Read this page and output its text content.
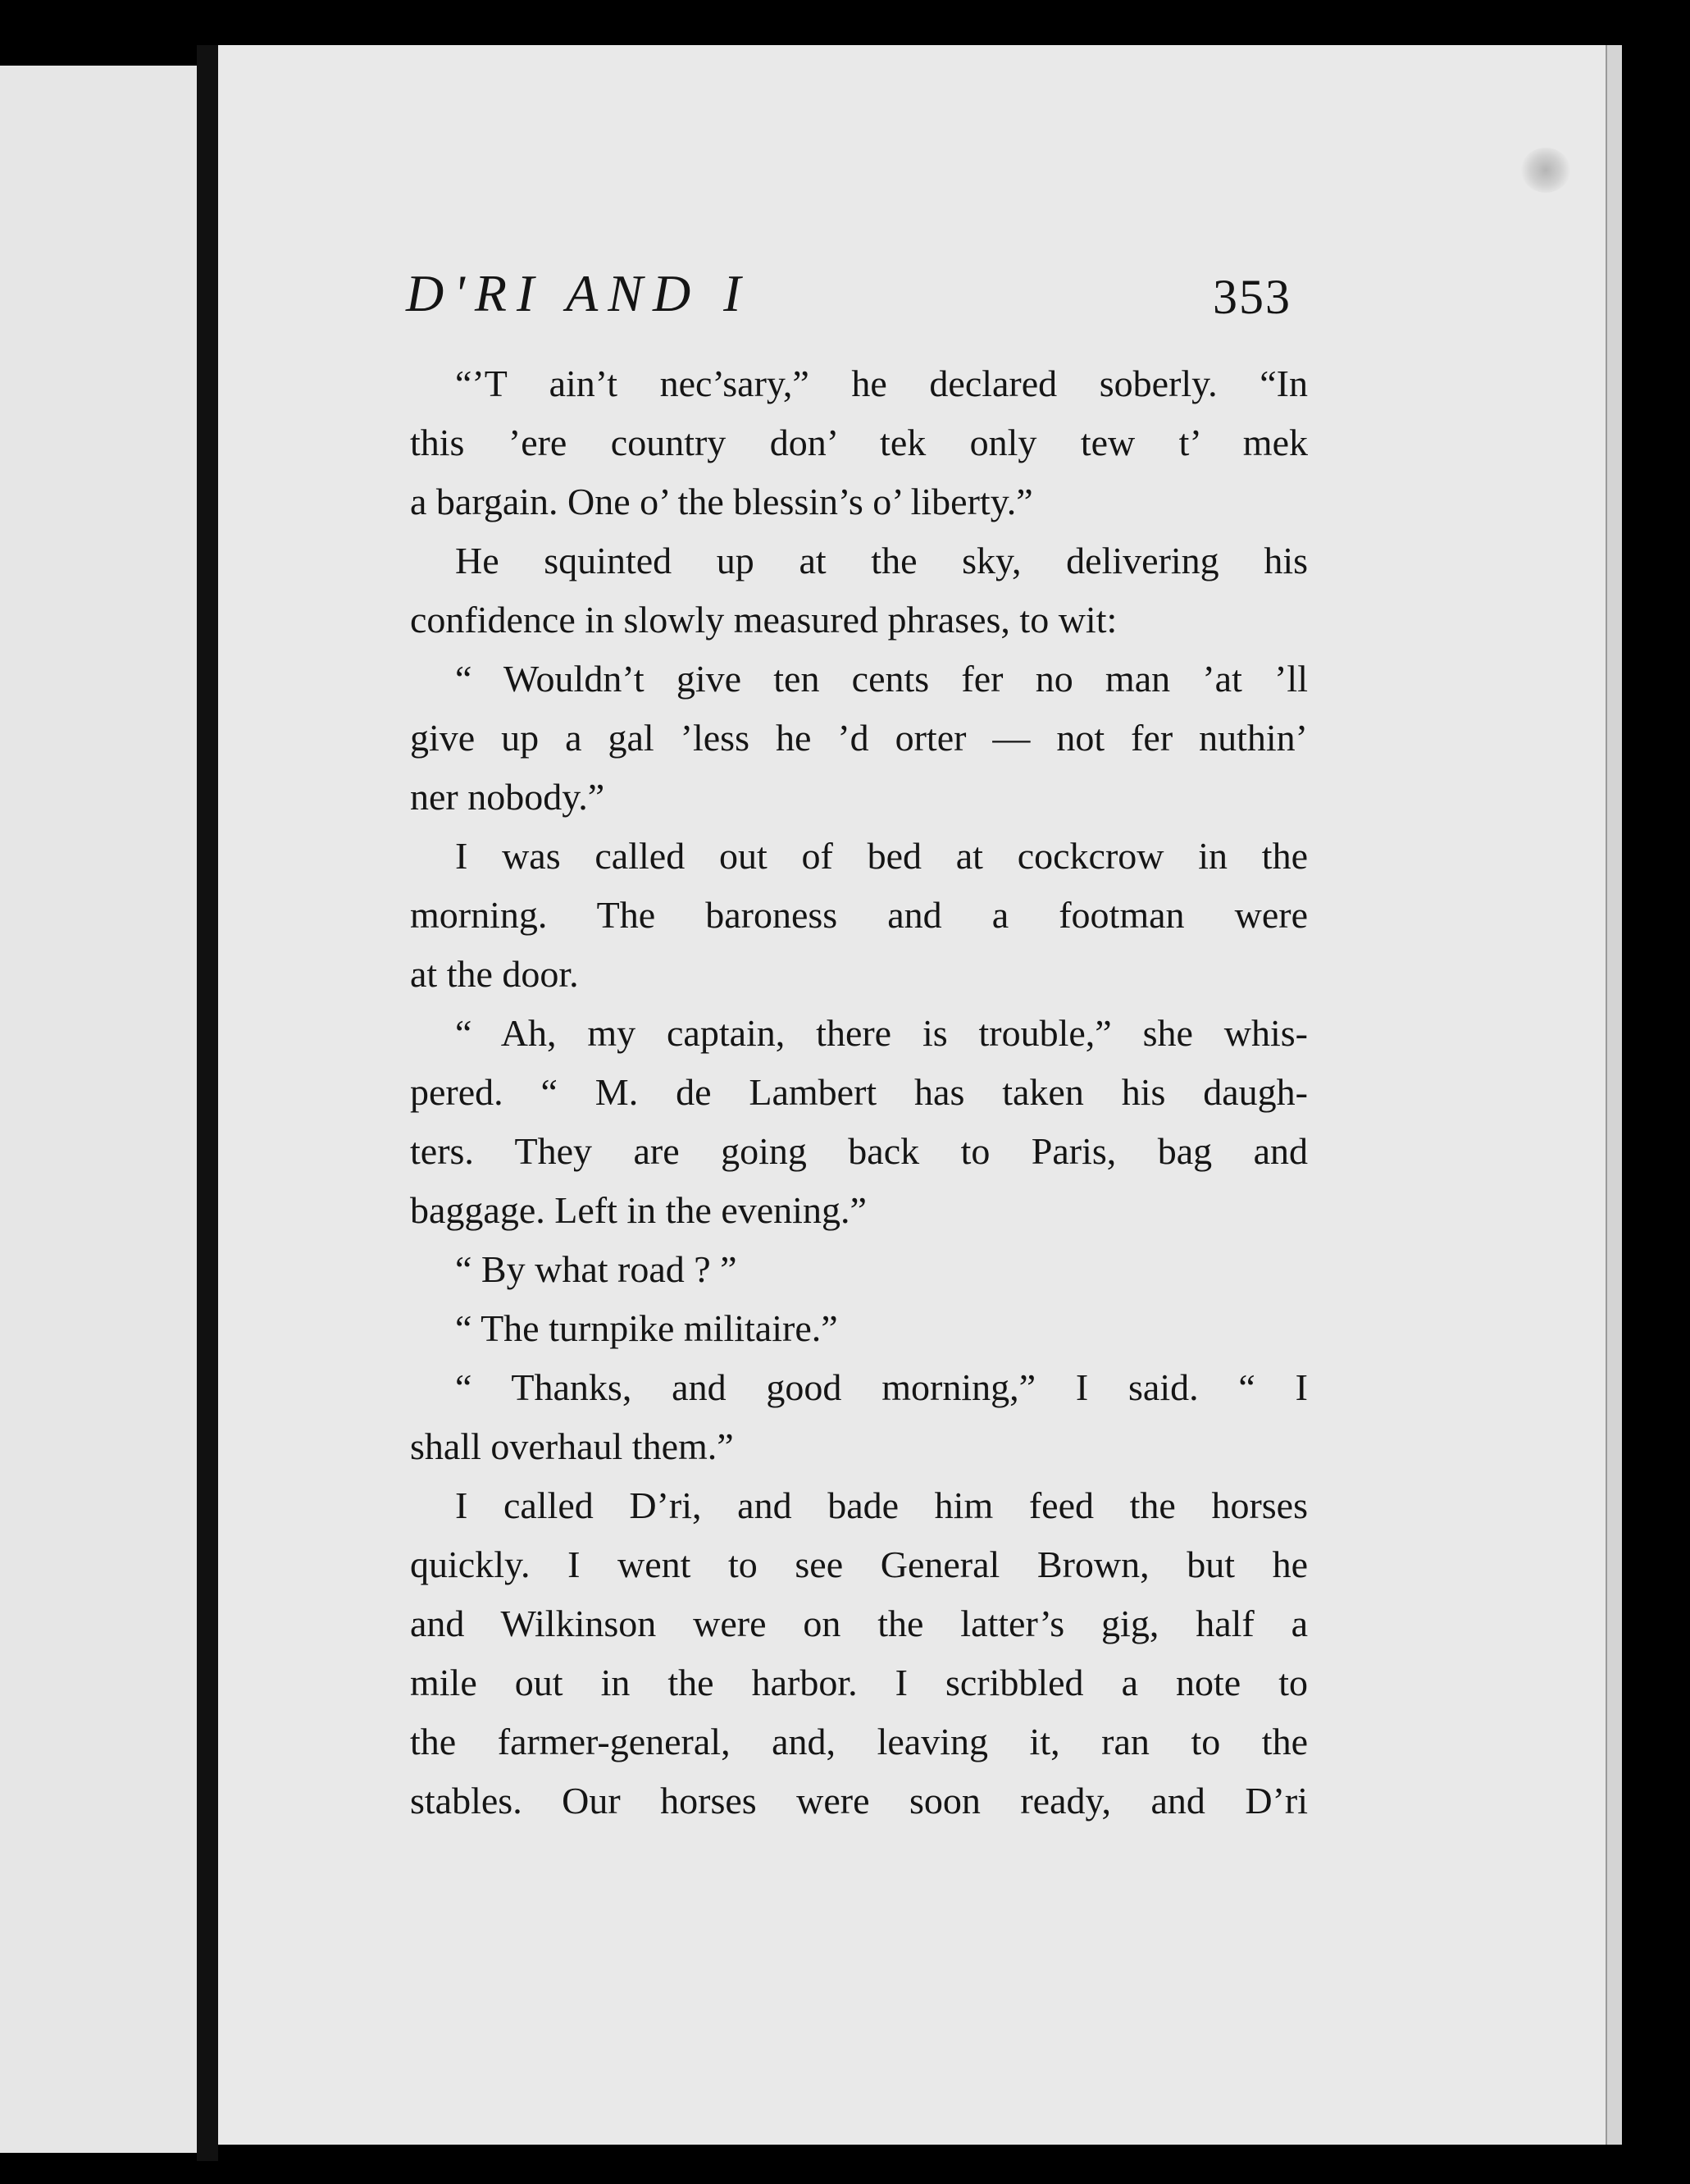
D'RI AND I	353
“’T ain’t nec’sary,” he declared soberly. “In
this ’ere country don’ tek only tew t’ mek
a bargain. One o’ the blessin’s o’ liberty.”
He squinted up at the sky, delivering his
confidence in slowly measured phrases, to wit:
“ Wouldn’t give ten cents fer no man ’at ’ll
give up a gal ’less he ’d orter — not fer nuthin’
ner nobody.”
I was called out of bed at cockcrow in the
morning. The baroness and a footman were
at the door.
“ Ah, my captain, there is trouble,” she whis-
pered. “ M. de Lambert has taken his daugh-
ters. They are going back to Paris, bag and
baggage. Left in the evening.”
“ By what road ? ”
“ The turnpike militaire.”
“ Thanks, and good morning,” I said. “ I
shall overhaul them.”
I called D’ri, and bade him feed the horses
quickly. I went to see General Brown, but he
and Wilkinson were on the latter’s gig, half a
mile out in the harbor. I scribbled a note to
the farmer-general, and, leaving it, ran to the
stables. Our horses were soon ready, and D’ri
